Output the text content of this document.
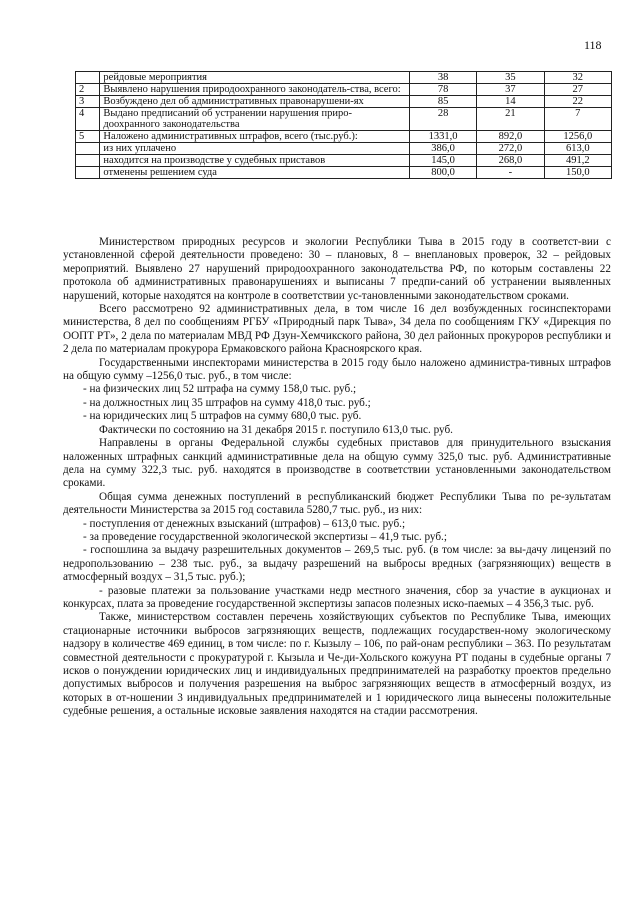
118
	рейдовые мероприятия	38	35	32
2	Выявлено нарушения природоохранного законодатель-ства, всего:	78	37	27
3	Возбуждено дел об административных правонарушени-ях	85	14	22
4	Выдано предписаний об устранении нарушения приро-доохранного законодательства	28	21	7
5	Наложено административных штрафов, всего (тыс.руб.):	1331,0	892,0	1256,0
	из них уплачено	386,0	272,0	613,0
	находится на производстве у судебных приставов	145,0	268,0	491,2
	отменены решением суда	800,0	-	150,0

Министерством природных ресурсов и экологии Республики Тыва в 2015 году в соответст-вии с установленной сферой деятельности проведено: 30 – плановых, 8 – внеплановых проверок, 32 – рейдовых мероприятий. Выявлено 27 нарушений природоохранного законодательства РФ, по которым составлены 22 протокола об административных правонарушениях и выписаны 7 предпи-саний об устранении выявленных нарушений, которые находятся на контроле в соответствии ус-тановленными законодательством сроками.

Всего рассмотрено 92 административных дела, в том числе 16 дел возбужденных госинспекторами министерства, 8 дел по сообщениям РГБУ «Природный парк Тыва», 34 дела по сообщениям ГКУ «Дирекция по ООПТ РТ», 2 дела по материалам МВД РФ Дзун-Хемчикского района, 30 дел районных прокуроров республики и 2 дела по материалам прокурора Ермаковского района Красноярского края.

Государственными инспекторами министерства в 2015 году было наложено администра-тивных штрафов на общую сумму –1256,0 тыс. руб., в том числе:

- на физических лиц 52 штрафа на сумму 158,0 тыс. руб.;

- на должностных лиц 35 штрафов на сумму 418,0 тыс. руб.;

- на юридических лиц 5 штрафов на сумму 680,0 тыс. руб.

Фактически по состоянию на 31 декабря 2015 г. поступило 613,0 тыс. руб.

Направлены в органы Федеральной службы судебных приставов для принудительного взыскания наложенных штрафных санкций административные дела на общую сумму 325,0 тыс. руб. Административные дела на сумму 322,3 тыс. руб. находятся в производстве в соответствии установленными законодательством сроками.

Общая сумма денежных поступлений в республиканский бюджет Республики Тыва по ре-зультатам деятельности Министерства за 2015 год составила 5280,7 тыс. руб., из них:

- поступления от денежных взысканий (штрафов) – 613,0 тыс. руб.;

- за проведение государственной экологической экспертизы – 41,9 тыс. руб.;

- госпошлина за выдачу разрешительных документов – 269,5 тыс. руб. (в том числе: за вы-дачу лицензий по недропользованию – 238 тыс. руб., за выдачу разрешений на выбросы вредных (загрязняющих) веществ в атмосферный воздух – 31,5 тыс. руб.);

- разовые платежи за пользование участками недр местного значения, сбор за участие в аукционах и конкурсах, плата за проведение государственной экспертизы запасов полезных иско-паемых – 4 356,3 тыс. руб.

Также, министерством составлен перечень хозяйствующих субъектов по Республике Тыва, имеющих стационарные источники выбросов загрязняющих веществ, подлежащих государствен-ному экологическому надзору в количестве 469 единиц, в том числе: по г. Кызылу – 106, по рай-онам республики – 363. По результатам совместной деятельности с прокуратурой г. Кызыла и Че-ди-Хольского кожууна РТ поданы в судебные органы 7 исков о понуждении юридических лиц и индивидуальных предпринимателей на разработку проектов предельно допустимых выбросов и получения разрешения на выброс загрязняющих веществ в атмосферный воздух, из которых в от-ношении 3 индивидуальных предпринимателей и 1 юридического лица вынесены положительные судебные решения, а остальные исковые заявления находятся на стадии рассмотрения.
